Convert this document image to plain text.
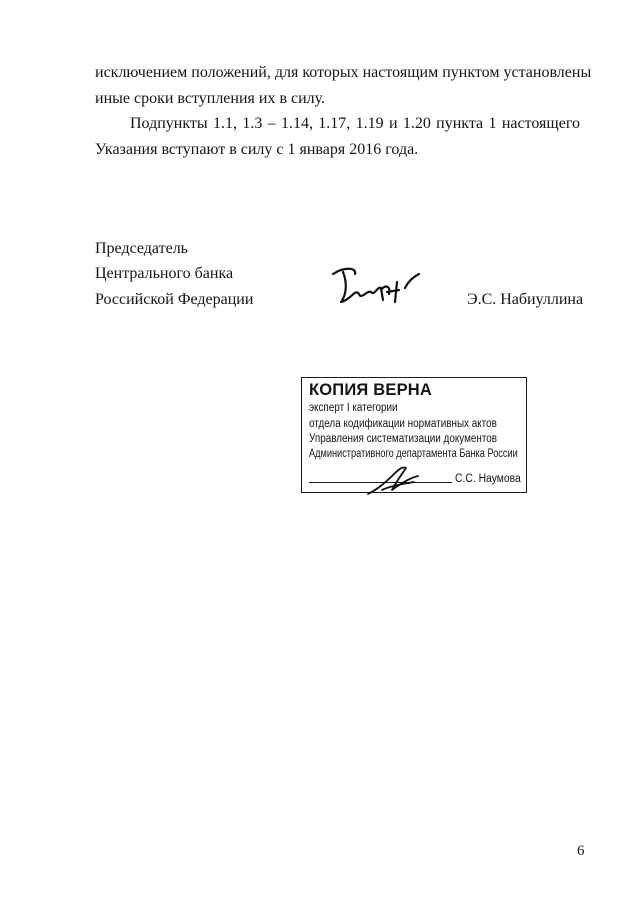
исключением положений, для которых настоящим пунктом установлены
иные сроки вступления их в силу.
Подпункты 1.1, 1.3 – 1.14, 1.17, 1.19 и 1.20 пункта 1 настоящего
Указания вступают в силу с 1 января 2016 года.
Председатель
Центрального банка
Российской Федерации	Э.С. Набиуллина
КОПИЯ ВЕРНА
эксперт I категории
отдела кодификации нормативных актов
Управления систематизации документов
Административного департамента Банка России
С.С. Наумова
6
